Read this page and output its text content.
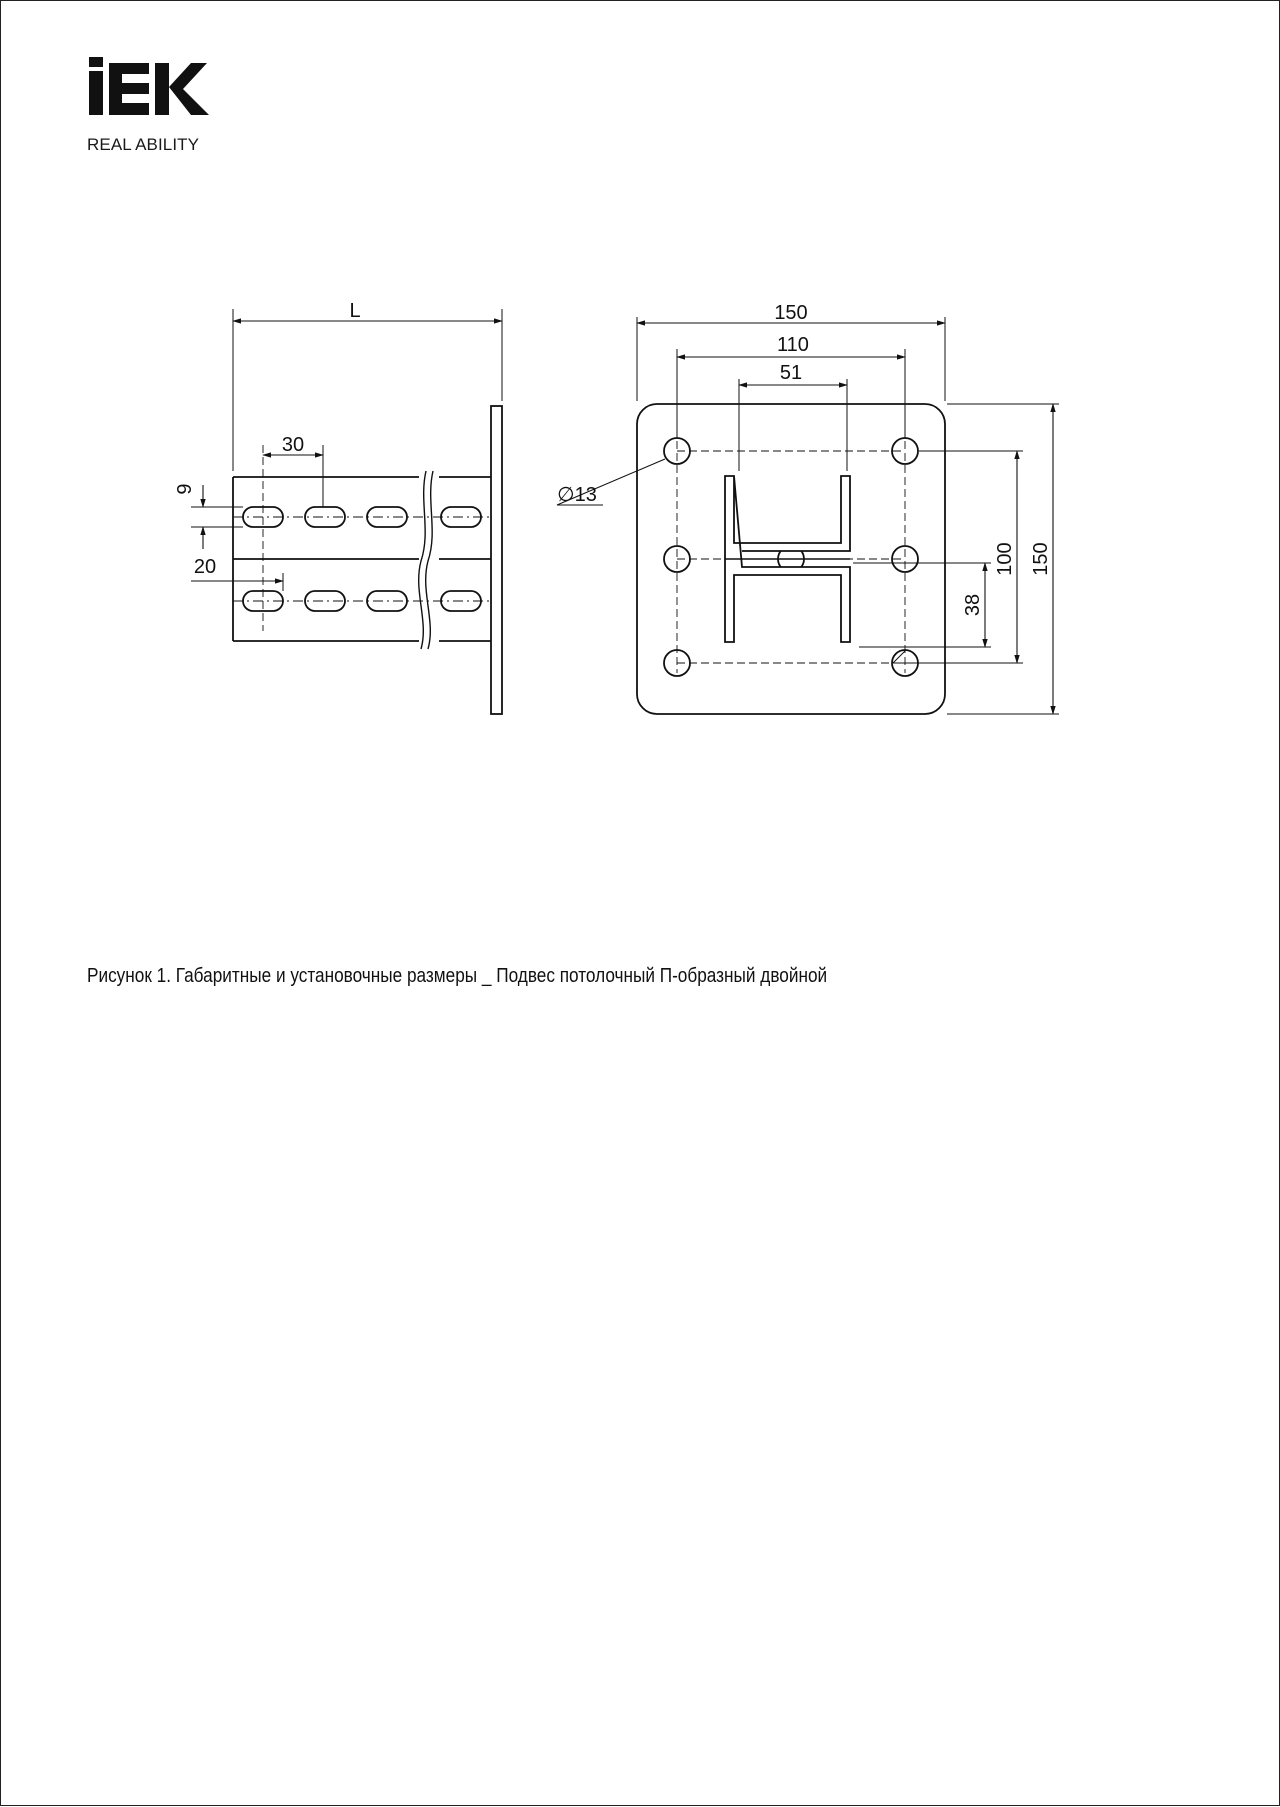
REAL ABILITY
L
30
9
20
150
110
51
∅13
100 150
38
Рисунок 1. Габаритные и установочные размеры _ Подвес потолочный П-образный двойной
